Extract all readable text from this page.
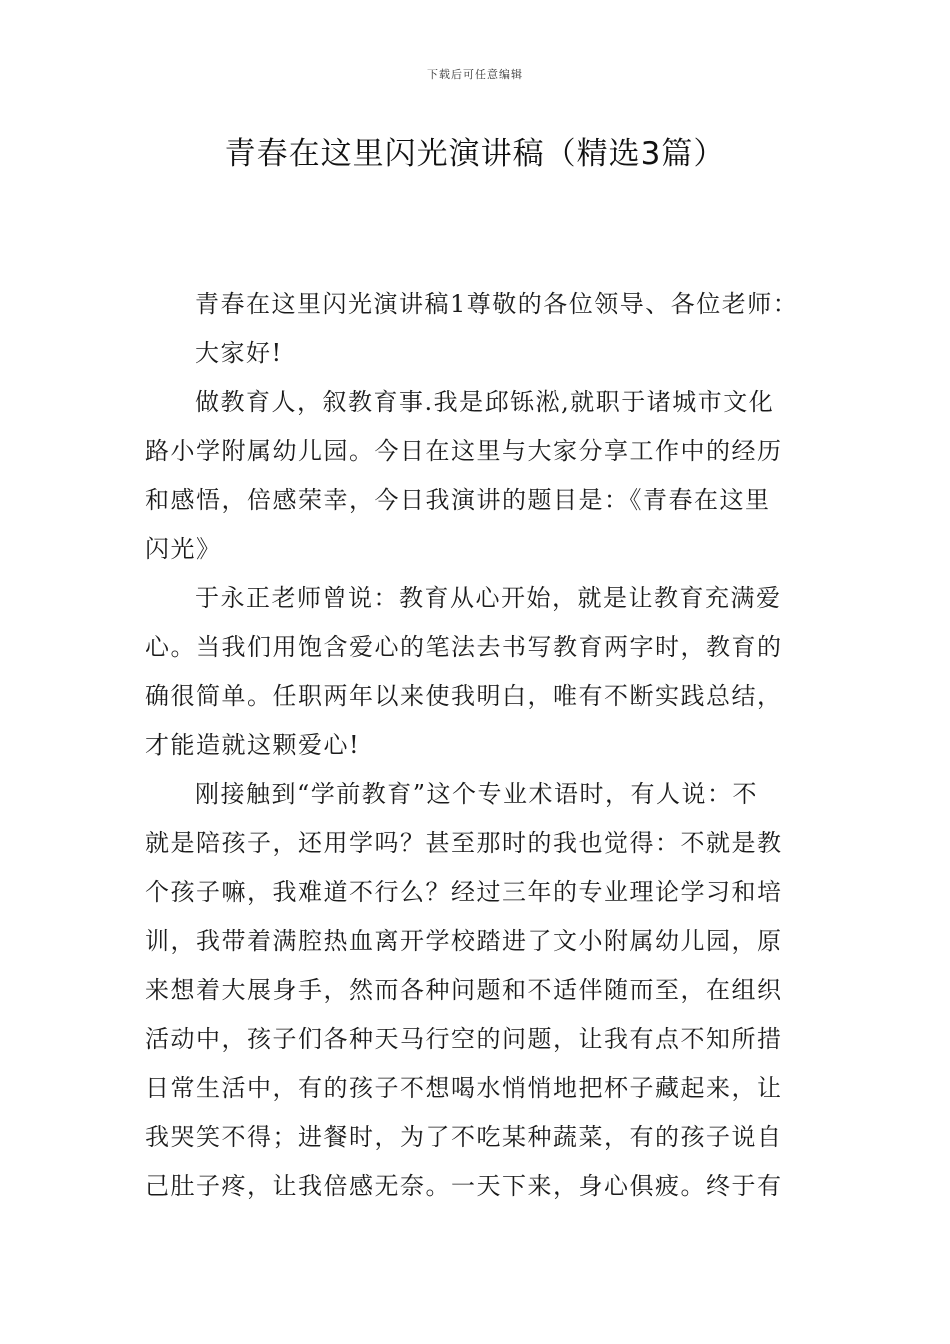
下载后可任意编辑
青春在这里闪光演讲稿（精选3篇）
青春在这里闪光演讲稿1尊敬的各位领导、各位老师：
大家好!
做教育人，叙教育事.我是邱铄淞,就职于诸城市文化
路小学附属幼儿园。今日在这里与大家分享工作中的经历
和感悟，倍感荣幸，今日我演讲的题目是：《青春在这里
闪光》
于永正老师曾说：教育从心开始，就是让教育充满爱
心。当我们用饱含爱心的笔法去书写教育两字时，教育的
确很简单。任职两年以来使我明白，唯有不断实践总结，
才能造就这颗爱心!
刚接触到“学前教育”这个专业术语时，有人说：不
就是陪孩子，还用学吗？甚至那时的我也觉得：不就是教
个孩子嘛，我难道不行么？经过三年的专业理论学习和培
训，我带着满腔热血离开学校踏进了文小附属幼儿园，原
来想着大展身手，然而各种问题和不适伴随而至，在组织
活动中，孩子们各种天马行空的问题，让我有点不知所措
日常生活中，有的孩子不想喝水悄悄地把杯子藏起来，让
我哭笑不得；进餐时，为了不吃某种蔬菜，有的孩子说自
己肚子疼，让我倍感无奈。一天下来，身心俱疲。终于有
